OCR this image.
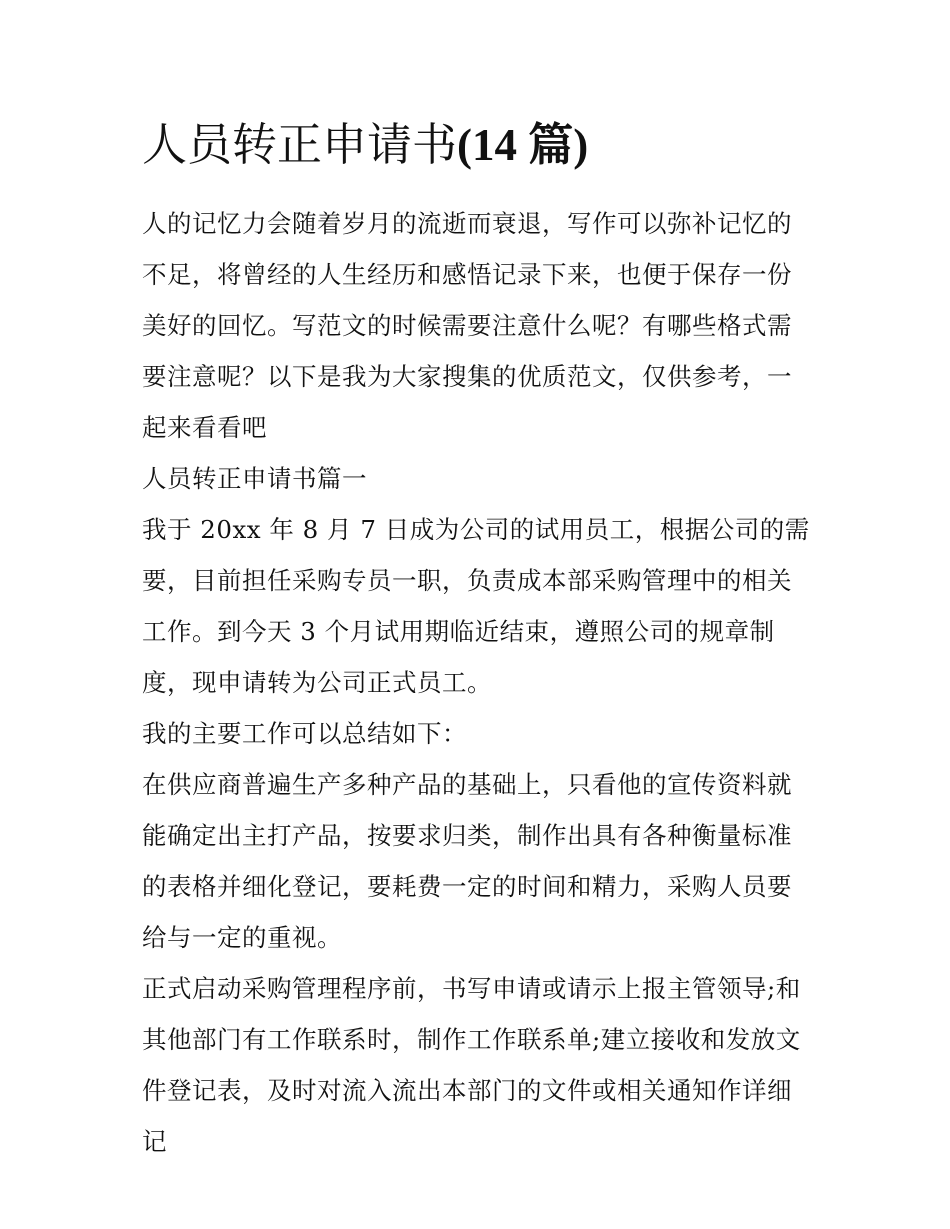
人员转正申请书(14 篇)

人的记忆力会随着岁月的流逝而衰退，写作可以弥补记忆的不足，将曾经的人生经历和感悟记录下来，也便于保存一份美好的回忆。写范文的时候需要注意什么呢？有哪些格式需要注意呢？以下是我为大家搜集的优质范文，仅供参考，一起来看看吧

人员转正申请书篇一

我于 20xx 年 8 月 7 日成为公司的试用员工，根据公司的需要，目前担任采购专员一职，负责成本部采购管理中的相关工作。到今天 3 个月试用期临近结束，遵照公司的规章制度，现申请转为公司正式员工。

我的主要工作可以总结如下：

在供应商普遍生产多种产品的基础上，只看他的宣传资料就能确定出主打产品，按要求归类，制作出具有各种衡量标准的表格并细化登记，要耗费一定的时间和精力，采购人员要给与一定的重视。

正式启动采购管理程序前，书写申请或请示上报主管领导;和其他部门有工作联系时，制作工作联系单;建立接收和发放文件登记表，及时对流入流出本部门的文件或相关通知作详细记
